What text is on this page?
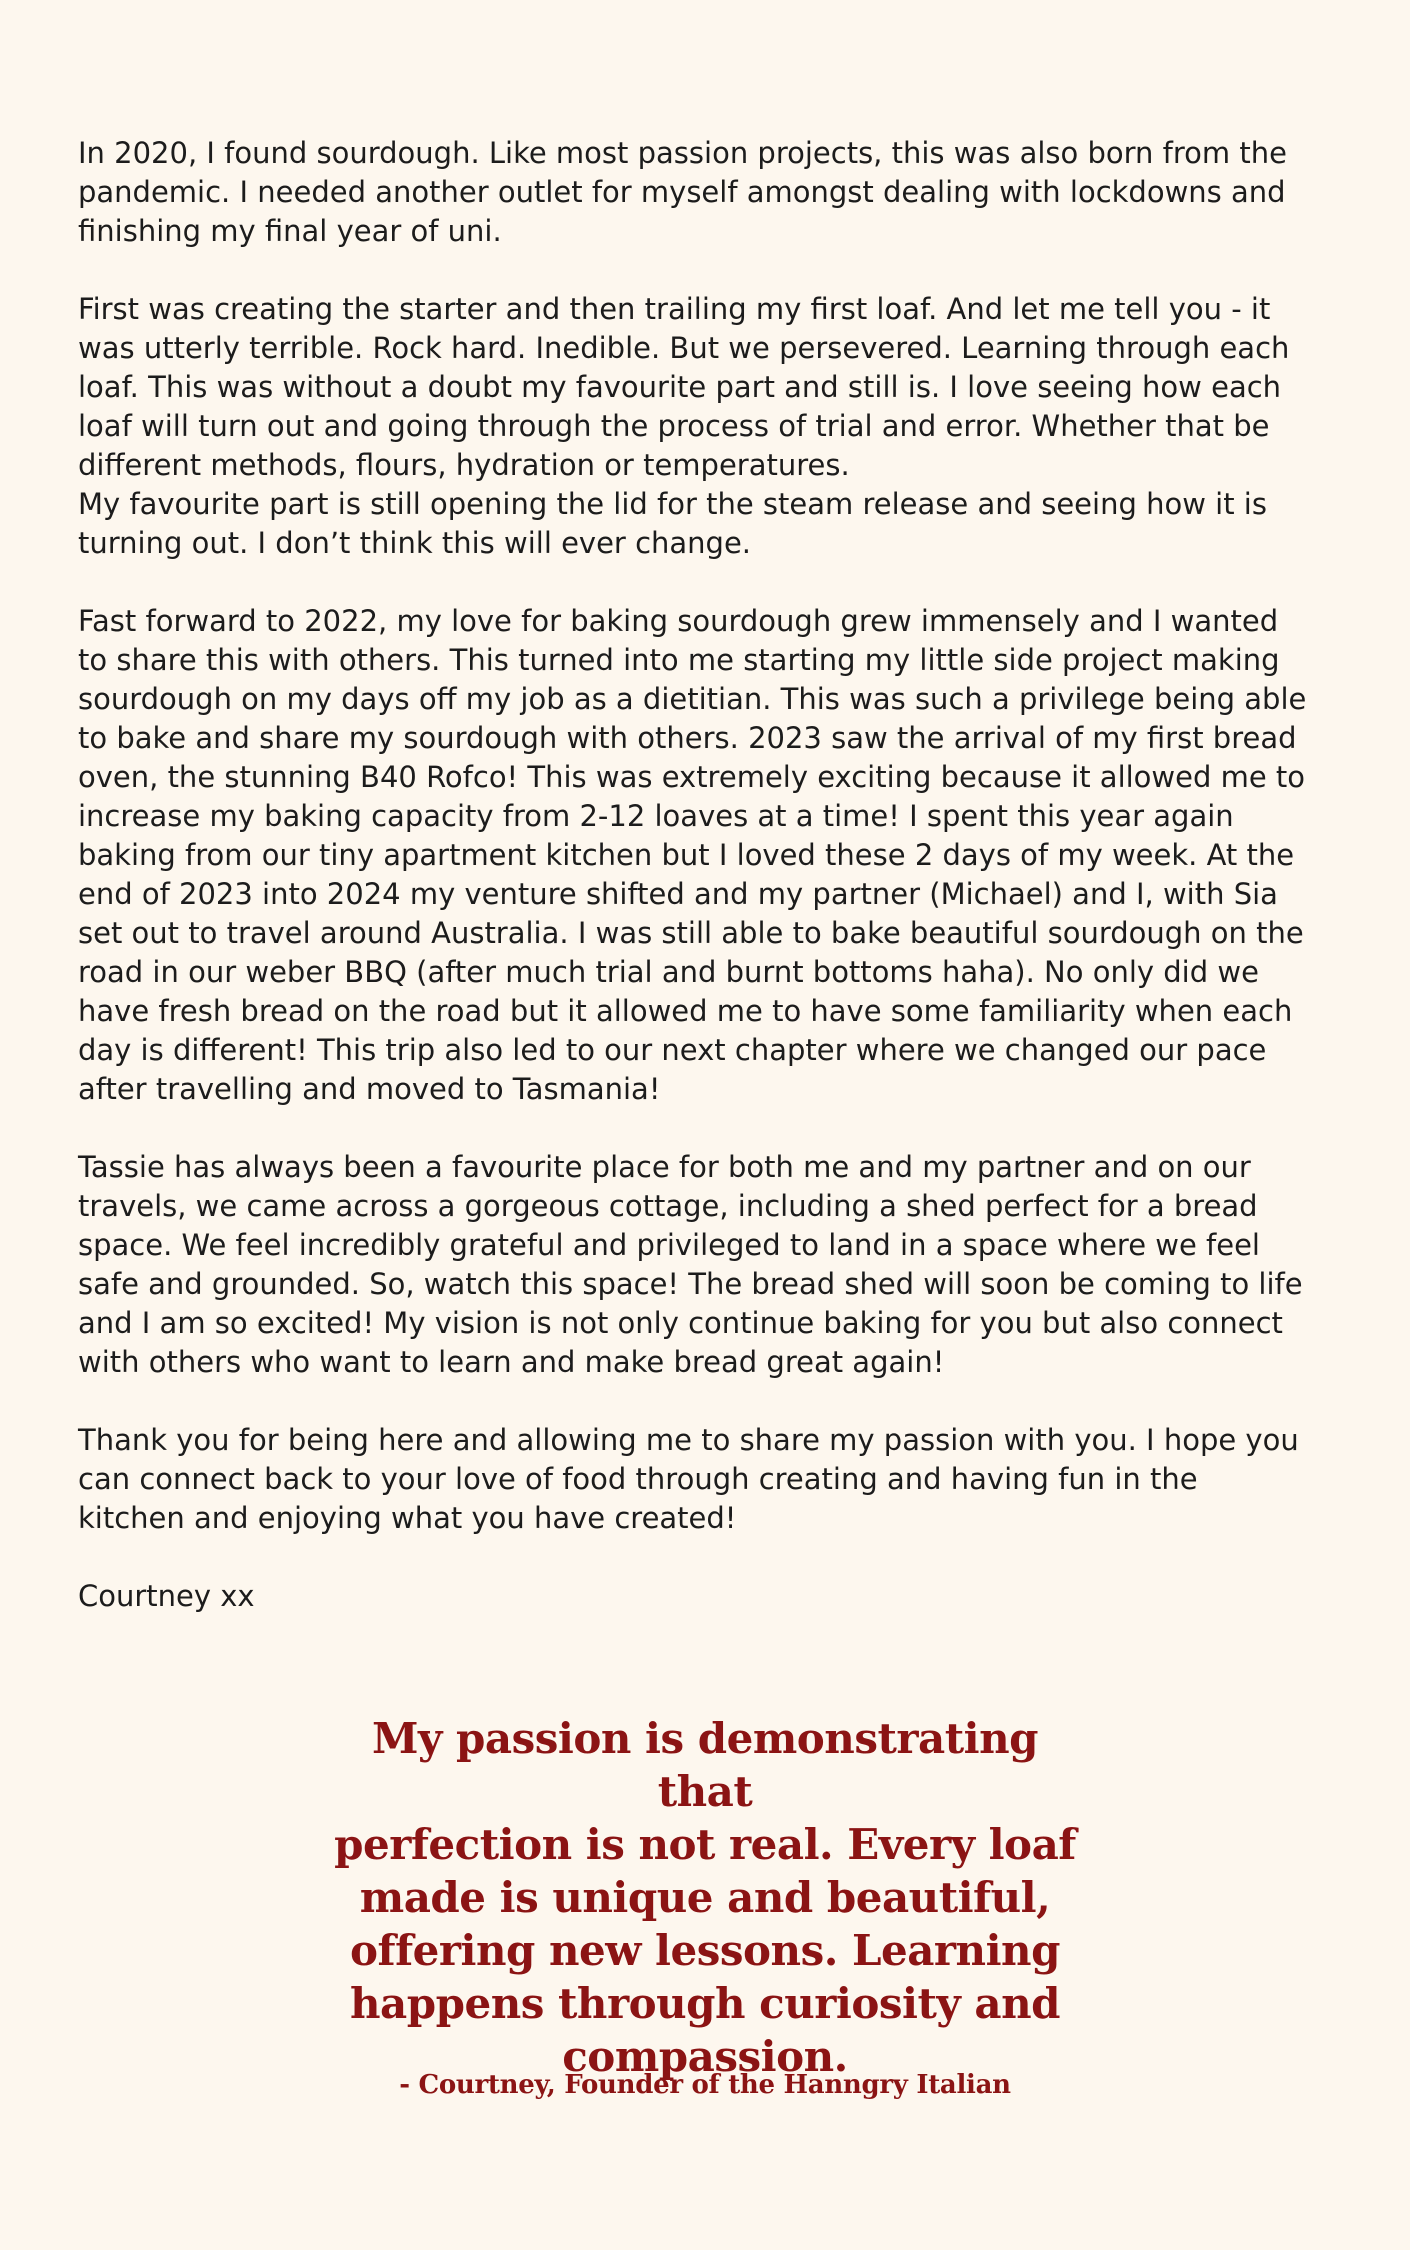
In 2020, I found sourdough. Like most passion projects, this was also born from the
pandemic. I needed another outlet for myself amongst dealing with lockdowns and
finishing my final year of uni.

First was creating the starter and then trailing my first loaf. And let me tell you - it
was utterly terrible. Rock hard. Inedible. But we persevered. Learning through each
loaf. This was without a doubt my favourite part and still is. I love seeing how each
loaf will turn out and going through the process of trial and error. Whether that be
different methods, flours, hydration or temperatures.

My favourite part is still opening the lid for the steam release and seeing how it is
turning out. I don’t think this will ever change.

Fast forward to 2022, my love for baking sourdough grew immensely and I wanted
to share this with others. This turned into me starting my little side project making
sourdough on my days off my job as a dietitian. This was such a privilege being able
to bake and share my sourdough with others. 2023 saw the arrival of my first bread
oven, the stunning B40 Rofco! This was extremely exciting because it allowed me to
increase my baking capacity from 2-12 loaves at a time! I spent this year again
baking from our tiny apartment kitchen but I loved these 2 days of my week. At the
end of 2023 into 2024 my venture shifted and my partner (Michael) and I, with Sia
set out to travel around Australia. I was still able to bake beautiful sourdough on the
road in our weber BBQ (after much trial and burnt bottoms haha). No only did we
have fresh bread on the road but it allowed me to have some familiarity when each
day is different! This trip also led to our next chapter where we changed our pace
after travelling and moved to Tasmania!

Tassie has always been a favourite place for both me and my partner and on our
travels, we came across a gorgeous cottage, including a shed perfect for a bread
space. We feel incredibly grateful and privileged to land in a space where we feel
safe and grounded. So, watch this space! The bread shed will soon be coming to life
and I am so excited! My vision is not only continue baking for you but also connect
with others who want to learn and make bread great again!

Thank you for being here and allowing me to share my passion with you. I hope you
can connect back to your love of food through creating and having fun in the
kitchen and enjoying what you have created!

Courtney xx

My passion is demonstrating that
perfection is not real. Every loaf
made is unique and beautiful,
offering new lessons. Learning
happens through curiosity and
compassion.
- Courtney, Founder of the Hanngry Italian
